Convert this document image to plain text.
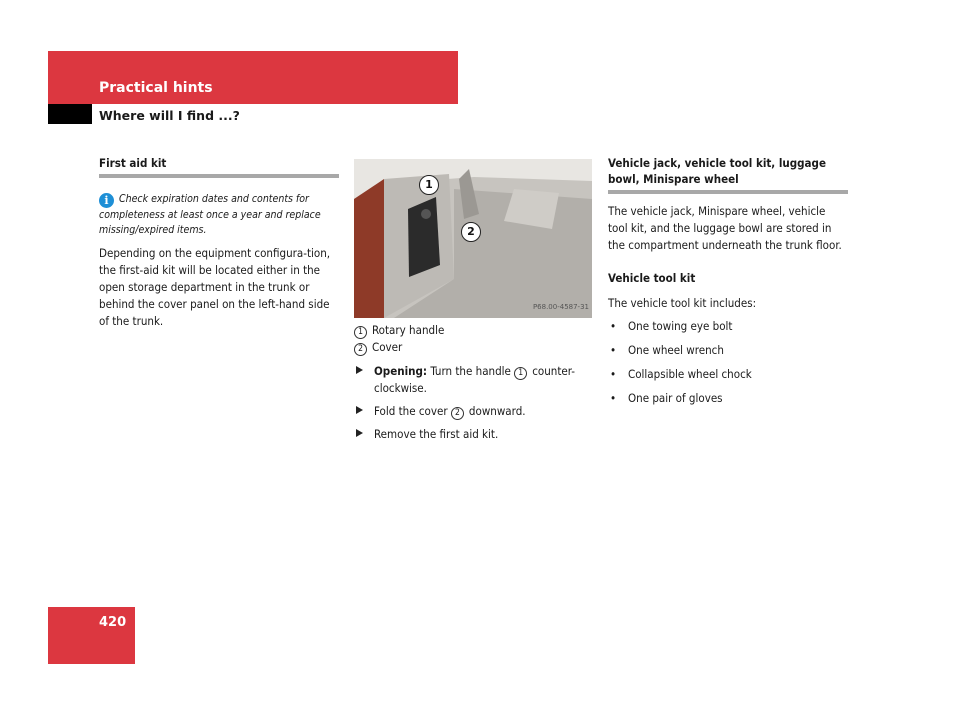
Practical hints
Where will I find ...?
First aid kit
i Check expiration dates and contents for completeness at least once a year and replace missing/expired items.

Depending on the equipment configura-tion, the first-aid kit will be located either in the open storage department in the trunk or behind the cover panel on the left-hand side of the trunk.

1
2
P68.00-4587-31
1 Rotary handle
2 Cover
Opening: Turn the handle 1 counter-clockwise.
Fold the cover 2 downward.
Remove the first aid kit.
Vehicle jack, vehicle tool kit, luggage bowl, Minispare wheel

The vehicle jack, Minispare wheel, vehicle tool kit, and the luggage bowl are stored in the compartment underneath the trunk floor.

Vehicle tool kit

The vehicle tool kit includes:

• One towing eye bolt
• One wheel wrench
• Collapsible wheel chock
• One pair of gloves
420
